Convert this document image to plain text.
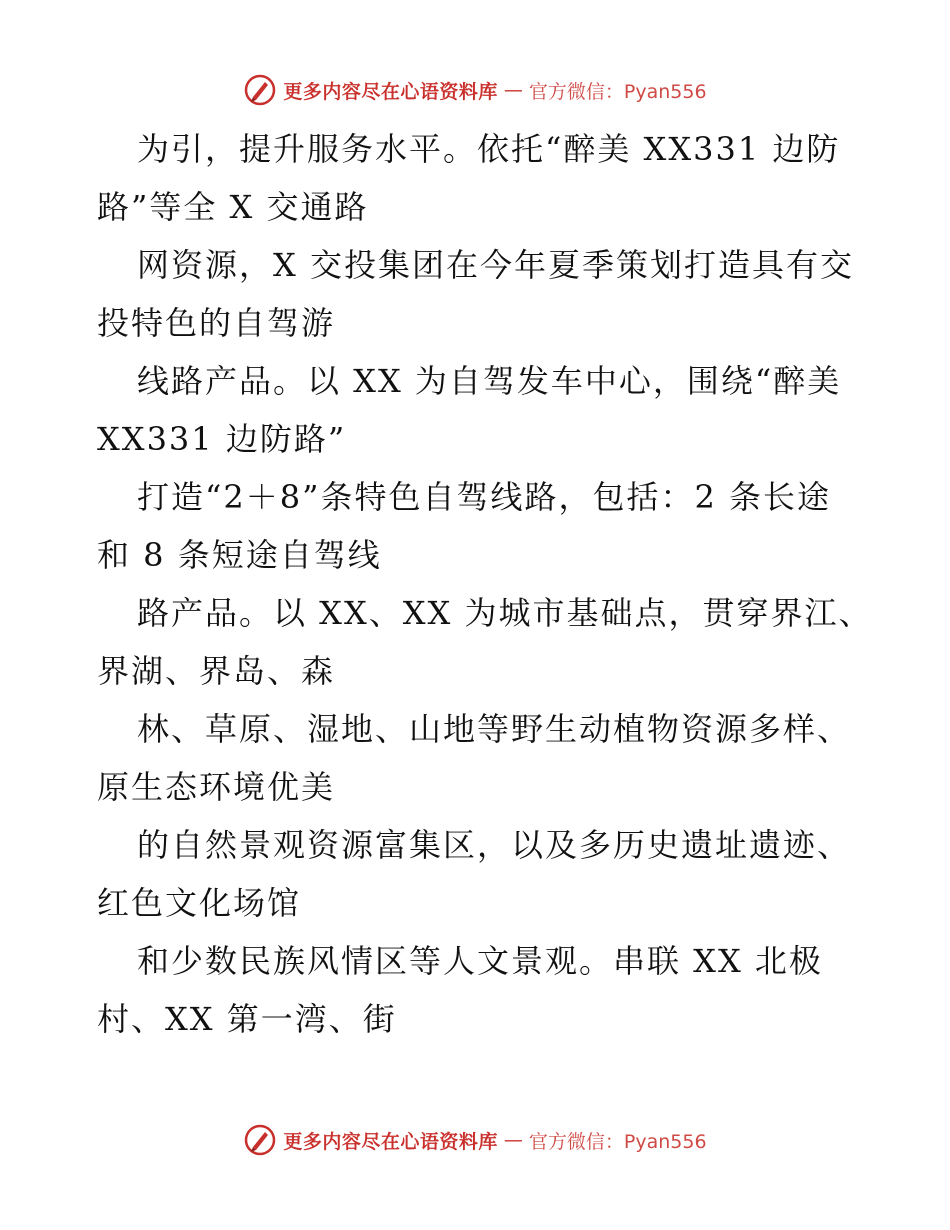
更多内容尽在心语资料库 — 官方微信：Pyan556
为引，提升服务水平。依托“醉美 XX331 边防
路”等全 X 交通路
网资源，X 交投集团在今年夏季策划打造具有交
投特色的自驾游
线路产品。以 XX 为自驾发车中心，围绕“醉美
XX331 边防路”
打造“2＋8”条特色自驾线路，包括：2 条长途
和 8 条短途自驾线
路产品。以 XX、XX 为城市基础点，贯穿界江、
界湖、界岛、森
林、草原、湿地、山地等野生动植物资源多样、
原生态环境优美
的自然景观资源富集区，以及多历史遗址遗迹、
红色文化场馆
和少数民族风情区等人文景观。串联 XX 北极
村、XX 第一湾、街
更多内容尽在心语资料库 — 官方微信：Pyan556
